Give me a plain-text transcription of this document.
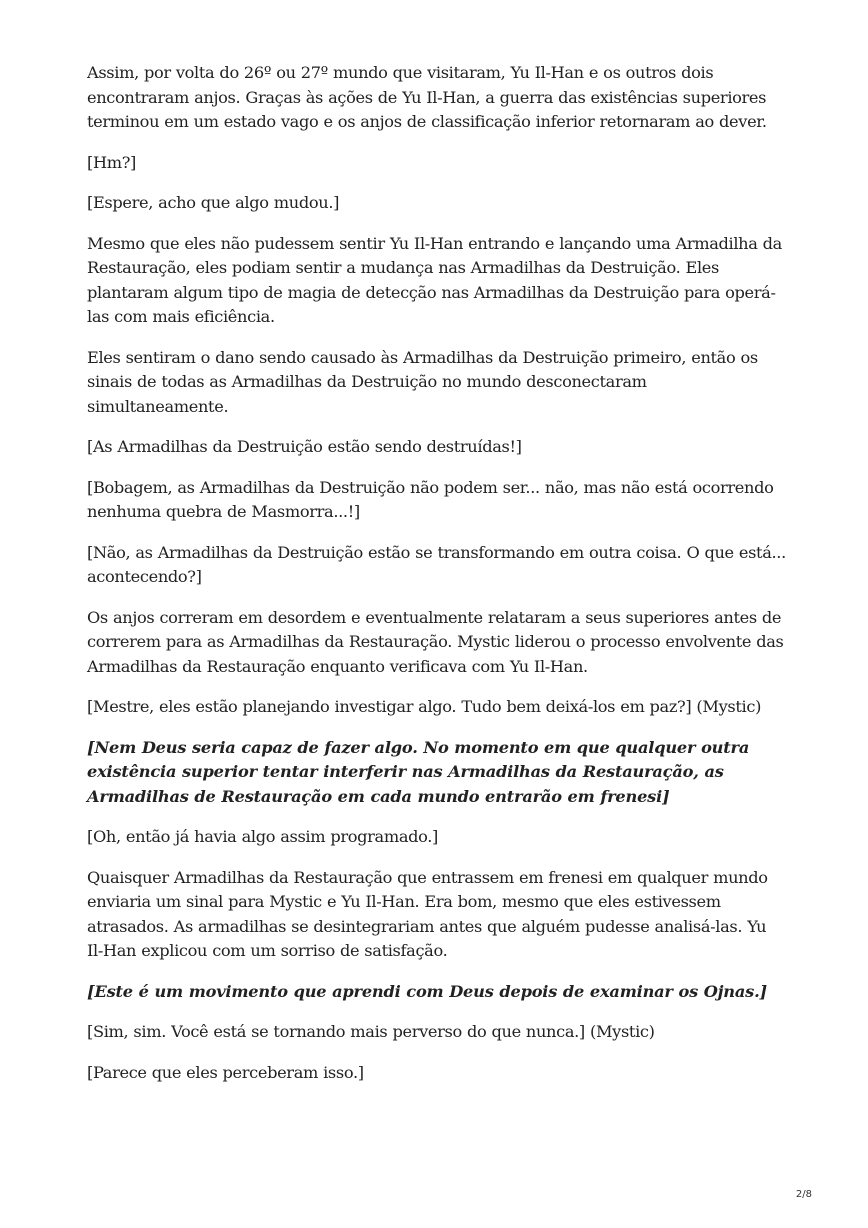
Assim, por volta do 26º ou 27º mundo que visitaram, Yu Il-Han e os outros dois encontraram anjos. Graças às ações de Yu Il-Han, a guerra das existências superiores terminou em um estado vago e os anjos de classificação inferior retornaram ao dever.

[Hm?]

[Espere, acho que algo mudou.]

Mesmo que eles não pudessem sentir Yu Il-Han entrando e lançando uma Armadilha da Restauração, eles podiam sentir a mudança nas Armadilhas da Destruição. Eles plantaram algum tipo de magia de detecção nas Armadilhas da Destruição para operá-las com mais eficiência.

Eles sentiram o dano sendo causado às Armadilhas da Destruição primeiro, então os sinais de todas as Armadilhas da Destruição no mundo desconectaram simultaneamente.

[As Armadilhas da Destruição estão sendo destruídas!]

[Bobagem, as Armadilhas da Destruição não podem ser... não, mas não está ocorrendo nenhuma quebra de Masmorra...!]

[Não, as Armadilhas da Destruição estão se transformando em outra coisa. O que está... acontecendo?]

Os anjos correram em desordem e eventualmente relataram a seus superiores antes de correrem para as Armadilhas da Restauração. Mystic liderou o processo envolvente das Armadilhas da Restauração enquanto verificava com Yu Il-Han.

[Mestre, eles estão planejando investigar algo. Tudo bem deixá-los em paz?] (Mystic)

[Nem Deus seria capaz de fazer algo. No momento em que qualquer outra existência superior tentar interferir nas Armadilhas da Restauração, as Armadilhas de Restauração em cada mundo entrarão em frenesi]

[Oh, então já havia algo assim programado.]

Quaisquer Armadilhas da Restauração que entrassem em frenesi em qualquer mundo enviaria um sinal para Mystic e Yu Il-Han. Era bom, mesmo que eles estivessem atrasados. As armadilhas se desintegrariam antes que alguém pudesse analisá-las. Yu Il-Han explicou com um sorriso de satisfação.

[Este é um movimento que aprendi com Deus depois de examinar os Ojnas.]

[Sim, sim. Você está se tornando mais perverso do que nunca.] (Mystic)

[Parece que eles perceberam isso.]

2/8
